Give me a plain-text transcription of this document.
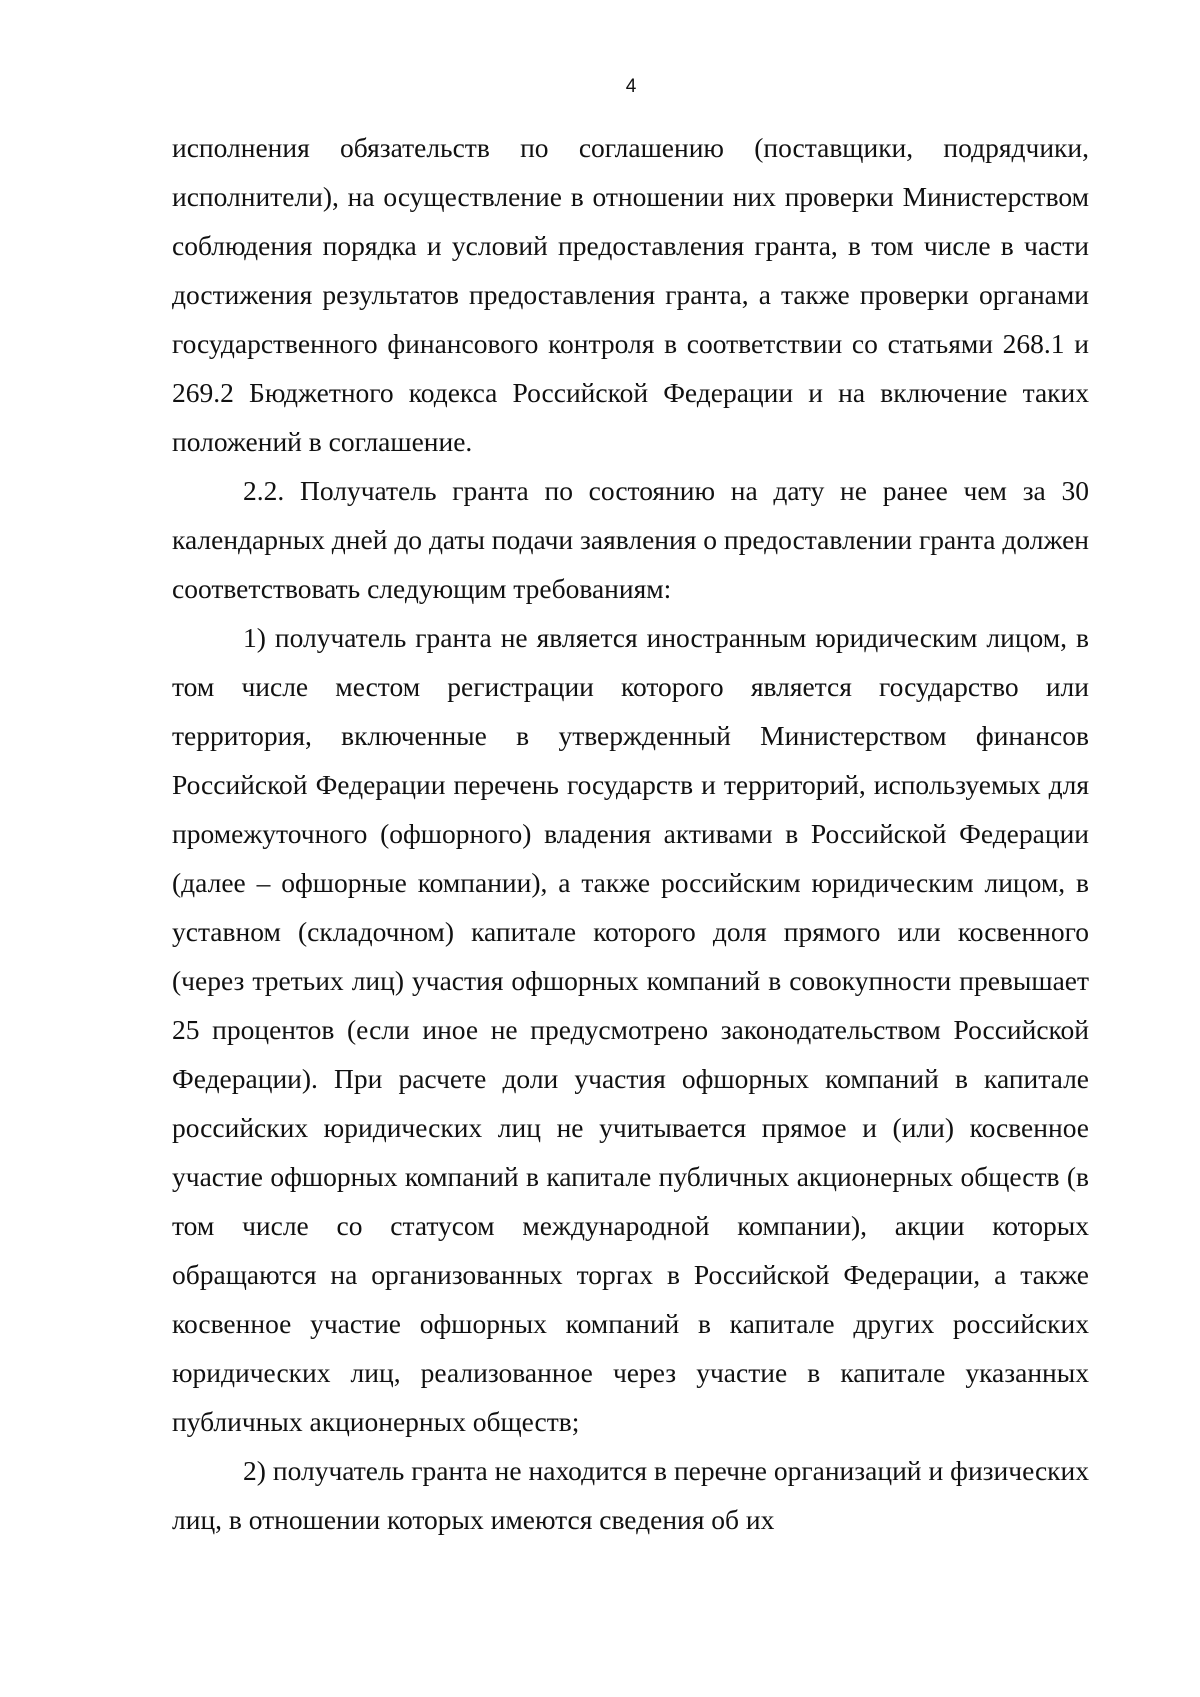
4

исполнения обязательств по соглашению (поставщики, подрядчики, исполнители), на осуществление в отношении них проверки Министерством соблюдения порядка и условий предоставления гранта, в том числе в части достижения результатов предоставления гранта, а также проверки органами государственного финансового контроля в соответствии со статьями 268.1 и 269.2 Бюджетного кодекса Российской Федерации и на включение таких положений в соглашение.

2.2. Получатель гранта по состоянию на дату не ранее чем за 30 календарных дней до даты подачи заявления о предоставлении гранта должен соответствовать следующим требованиям:

1) получатель гранта не является иностранным юридическим лицом, в том числе местом регистрации которого является государство или территория, включенные в утвержденный Министерством финансов Российской Федерации перечень государств и территорий, используемых для промежуточного (офшорного) владения активами в Российской Федерации (далее – офшорные компании), а также российским юридическим лицом, в уставном (складочном) капитале которого доля прямого или косвенного (через третьих лиц) участия офшорных компаний в совокупности превышает 25 процентов (если иное не предусмотрено законодательством Российской Федерации). При расчете доли участия офшорных компаний в капитале российских юридических лиц не учитывается прямое и (или) косвенное участие офшорных компаний в капитале публичных акционерных обществ (в том числе со статусом международной компании), акции которых обращаются на организованных торгах в Российской Федерации, а также косвенное участие офшорных компаний в капитале других российских юридических лиц, реализованное через участие в капитале указанных публичных акционерных обществ;

2) получатель гранта не находится в перечне организаций и физических лиц, в отношении которых имеются сведения об их
